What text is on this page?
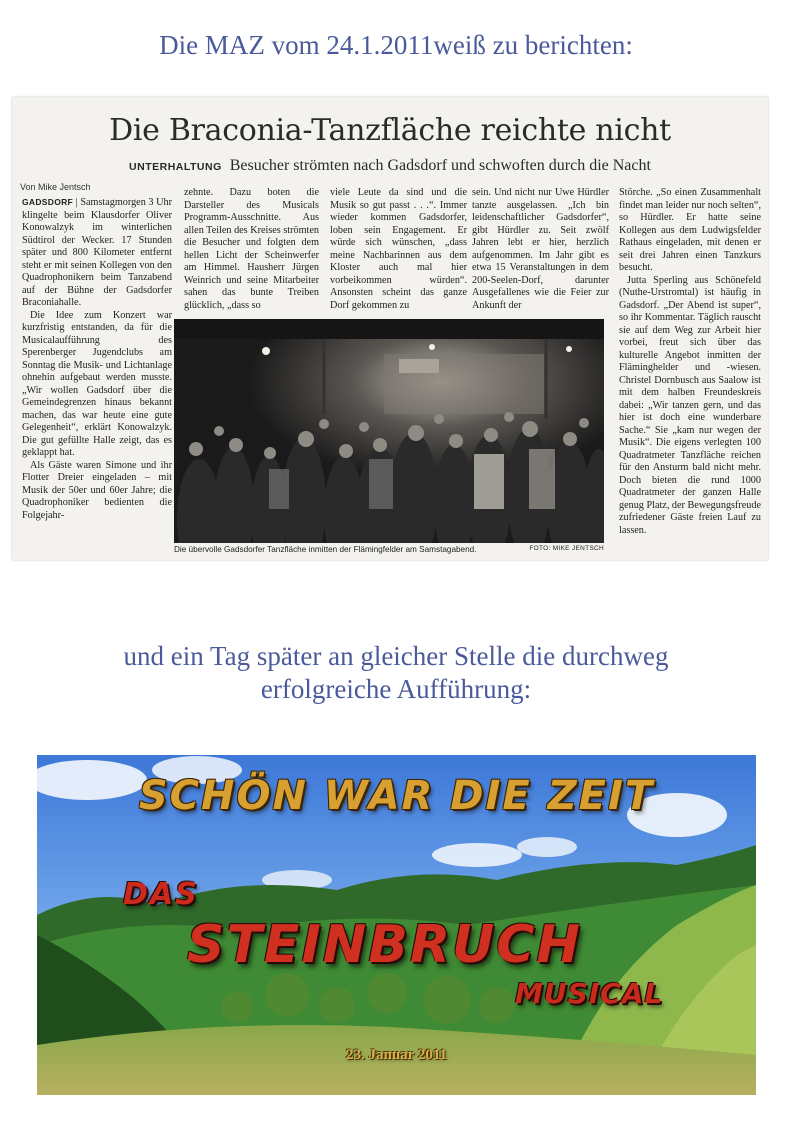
Die MAZ vom 24.1.2011weiß zu berichten:
Die Braconia-Tanzfläche reichte nicht
UNTERHALTUNG Besucher strömten nach Gadsdorf und schwoften durch die Nacht
Von Mike Jentsch
GADSDORF | Samstagmorgen 3 Uhr klingelte beim Klausdorfer Oliver Konowalzyk im winterlichen Südtirol der Wecker. 17 Stunden später und 800 Kilometer entfernt steht er mit seinen Kollegen von den Quadrophonikern beim Tanzabend auf der Bühne der Gadsdorfer Braconiahalle.
Die Idee zum Konzert war kurzfristig entstanden, da für die Musicalaufführung des Sperenberger Jugendclubs am Sonntag die Musik- und Lichtanlage ohnehin aufgebaut werden musste. „Wir wollen Gadsdorf über die Gemeindegrenzen hinaus bekannt machen, das war heute eine gute Gelegenheit“, erklärt Konowalzyk. Die gut gefüllte Halle zeigt, das es geklappt hat.
Als Gäste waren Simone und ihr Flotter Dreier eingeladen – mit Musik der 50er und 60er Jahre; die Quadrophoniker bedienten die Folgejahr-
zehnte. Dazu boten die Darsteller des Musicals Programm-Ausschnitte. Aus allen Teilen des Kreises strömten die Besucher und folgten dem hellen Licht der Scheinwerfer am Himmel. Hausherr Jürgen Weinrich und seine Mitarbeiter sahen das bunte Treiben glücklich, „dass so
viele Leute da sind und die Musik so gut passt . . .“. Immer wieder kommen Gadsdorfer, loben sein Engagement. Er würde sich wünschen, „dass meine Nachbarinnen aus dem Kloster auch mal hier vorbeikommen würden“. Ansonsten scheint das ganze Dorf gekommen zu
sein. Und nicht nur Uwe Hürdler tanzte ausgelassen. „Ich bin leidenschaftlicher Gadsdorfer“, gibt Hürdler zu. Seit zwölf Jahren lebt er hier, herzlich aufgenommen. Im Jahr gibt es etwa 15 Veranstaltungen in dem 200-Seelen-Dorf, darunter Ausgefallenes wie die Feier zur Ankunft der
Störche. „So einen Zusammenhalt findet man leider nur noch selten“, so Hürdler. Er hatte seine Kollegen aus dem Ludwigsfelder Rathaus eingeladen, mit denen er seit drei Jahren einen Tanzkurs besucht.
Jutta Sperling aus Schönefeld (Nuthe-Urstromtal) ist häufig in Gadsdorf. „Der Abend ist super“, so ihr Kommentar. Täglich rauscht sie auf dem Weg zur Arbeit hier vorbei, freut sich über das kulturelle Angebot inmitten der Fläminghelder und -wiesen. Christel Dornbusch aus Saalow ist mit dem halben Freundeskreis dabei: „Wir tanzen gern, und das hier ist doch eine wunderbare Sache.“ Sie „kam nur wegen der Musik“. Die eigens verlegten 100 Quadratmeter Tanzfläche reichen für den Ansturm bald nicht mehr. Doch bieten die rund 1000 Quadratmeter der ganzen Halle genug Platz, der Bewegungsfreude zufriedener Gäste freien Lauf zu lassen.
Die übervolle Gadsdorfer Tanzfläche inmitten der Flämingfelder am Samstagabend.	FOTO: MIKE JENTSCH
und ein Tag später an gleicher Stelle die durchweg
erfolgreiche Aufführung:
SCHÖN WAR DIE ZEIT
DAS
STEINBRUCH
MUSICAL
23. Januar 2011
